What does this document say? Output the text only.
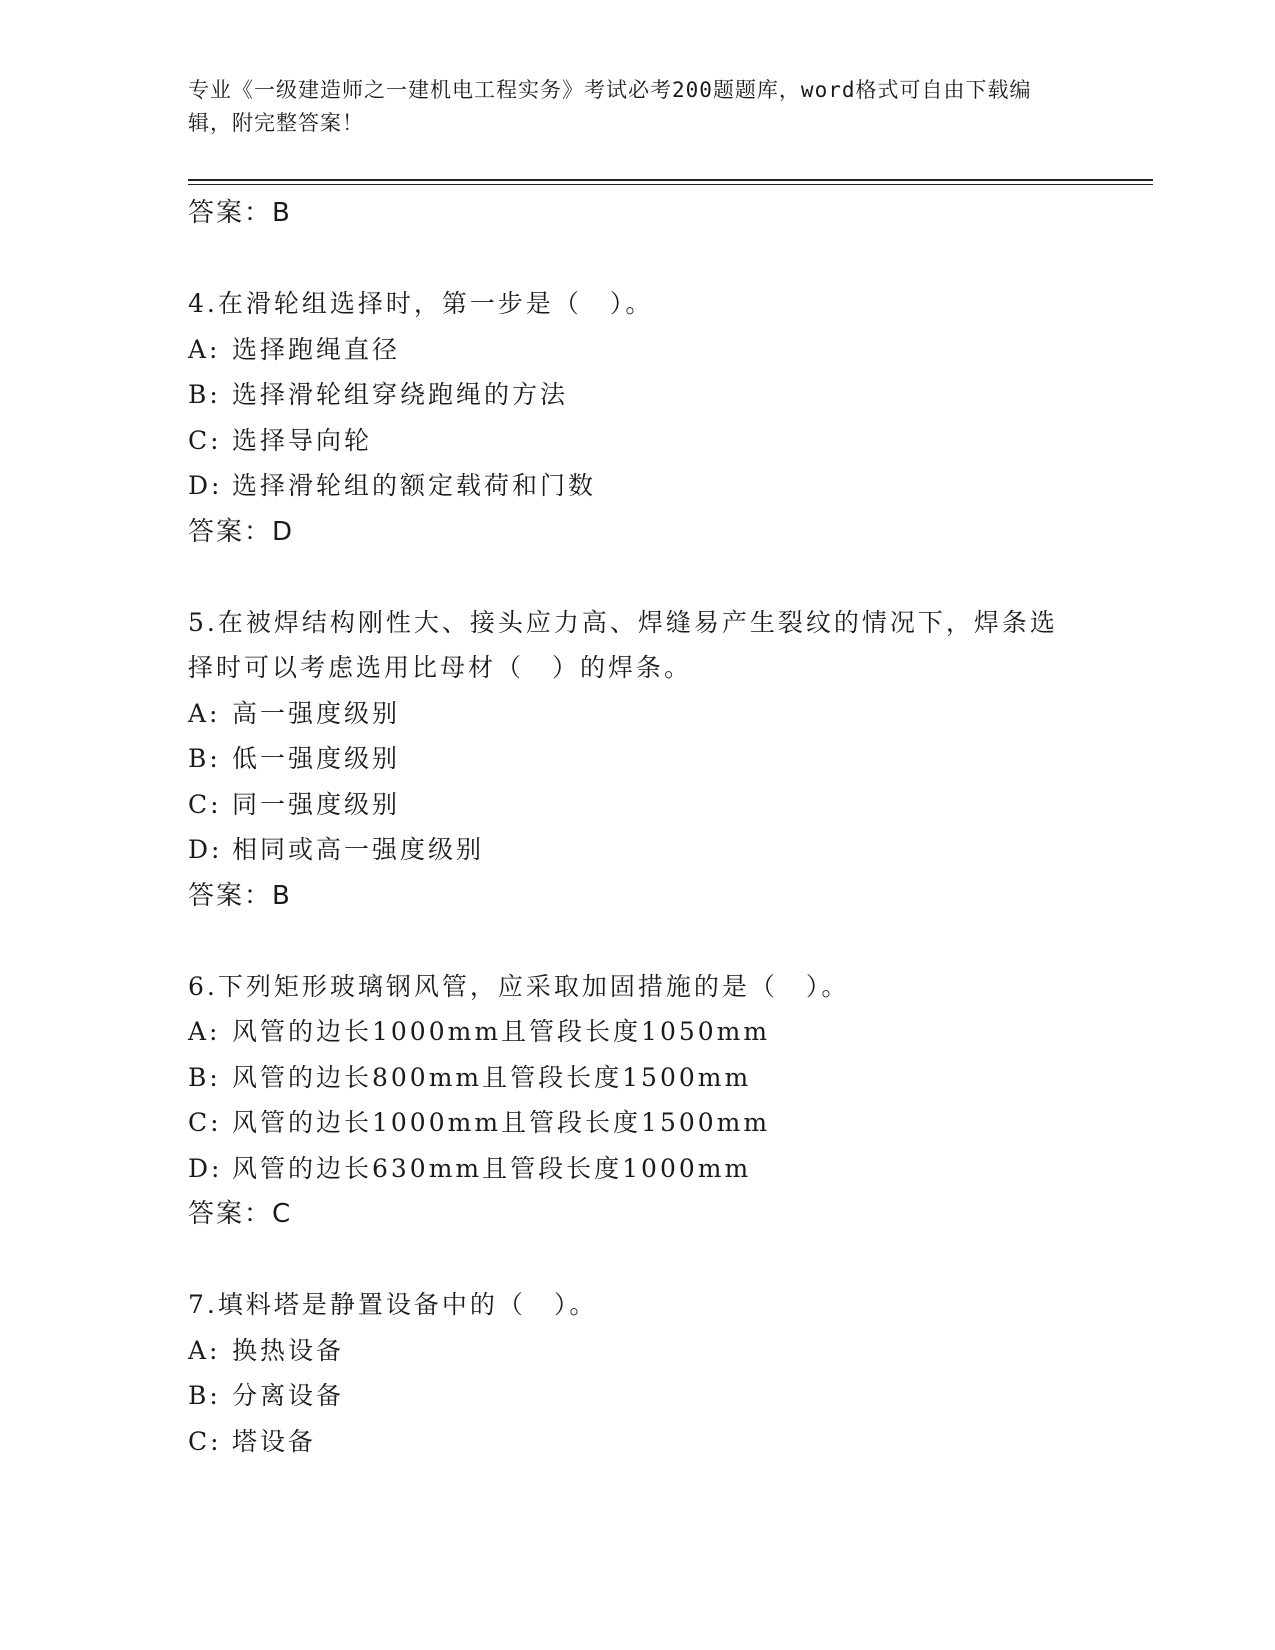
专业《一级建造师之一建机电工程实务》考试必考200题题库，word格式可自由下载编辑，附完整答案！
答案：B
4.在滑轮组选择时，第一步是（　）。
A: 选择跑绳直径
B: 选择滑轮组穿绕跑绳的方法
C: 选择导向轮
D: 选择滑轮组的额定载荷和门数
答案：D
5.在被焊结构刚性大、接头应力高、焊缝易产生裂纹的情况下，焊条选择时可以考虑选用比母材（　）的焊条。
A: 高一强度级别
B: 低一强度级别
C: 同一强度级别
D: 相同或高一强度级别
答案：B
6.下列矩形玻璃钢风管，应采取加固措施的是（　）。
A: 风管的边长1000mm且管段长度1050mm
B: 风管的边长800mm且管段长度1500mm
C: 风管的边长1000mm且管段长度1500mm
D: 风管的边长630mm且管段长度1000mm
答案：C
7.填料塔是静置设备中的（　）。
A: 换热设备
B: 分离设备
C: 塔设备
